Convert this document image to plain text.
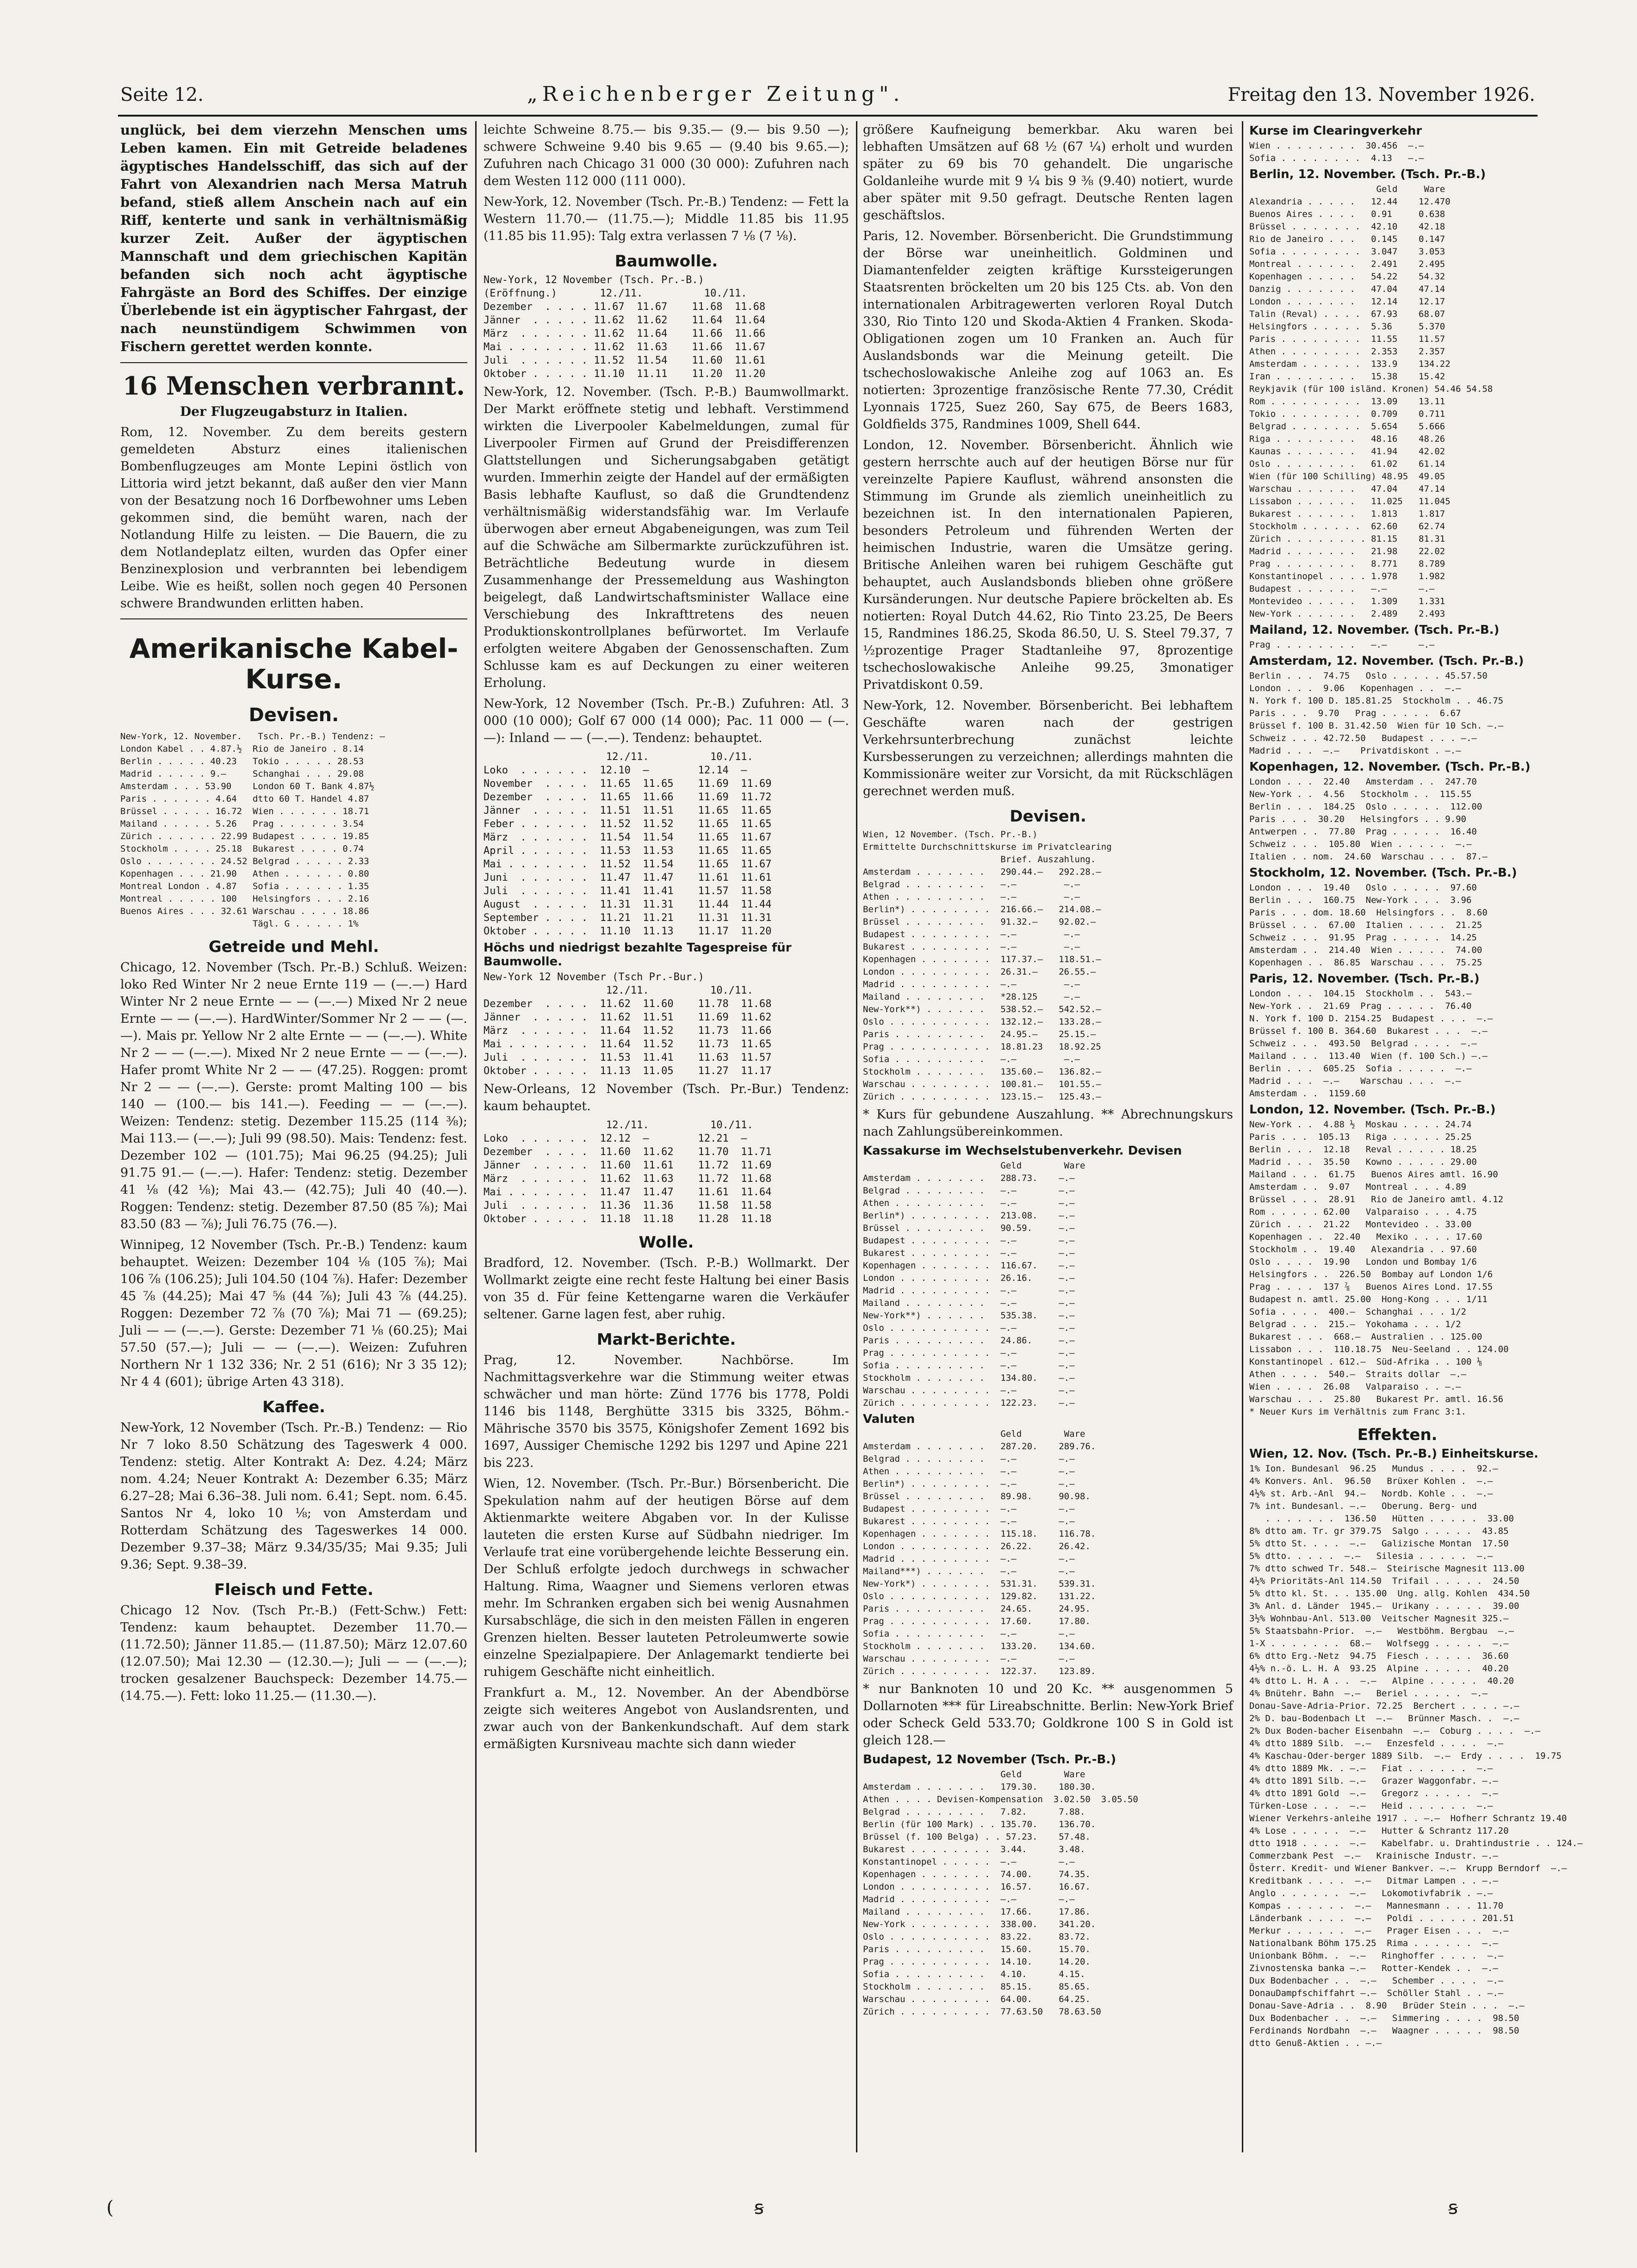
Seite 12.	„Reichenberger Zeitung".	Freitag den 13. November 1926.

unglück, bei dem vierzehn Menschen ums Leben kamen. Ein mit Getreide beladenes ägyptisches Handelsschiff, das sich auf der Fahrt von Alexandrien nach Mersa Matruh befand, stieß allem Anschein nach auf ein Riff, kenterte und sank in verhältnismäßig kurzer Zeit. Außer der ägyptischen Mannschaft und dem griechischen Kapitän befanden sich noch acht ägyptische Fahrgäste an Bord des Schiffes. Der einzige Überlebende ist ein ägyptischer Fahrgast, der nach neunstündigem Schwimmen von Fischern gerettet werden konnte.

16 Menschen verbrannt.
Der Flugzeugabsturz in Italien.

Rom, 12. November. Zu dem bereits gestern gemeldeten Absturz eines italienischen Bombenflugzeuges am Monte Lepini östlich von Littoria wird jetzt bekannt, daß außer den vier Mann von der Besatzung noch 16 Dorfbewohner ums Leben gekommen sind, die bemüht waren, nach der Notlandung Hilfe zu leisten. — Die Bauern, die zu dem Notlandeplatz eilten, wurden das Opfer einer Benzinexplosion und verbrannten bei lebendigem Leibe. Wie es heißt, sollen noch gegen 40 Personen schwere Brandwunden erlitten haben.

Amerikanische Kabel-Kurse.
Devisen.
New-York, 12. November.   Tsch. Pr.-B.) Tendenz: —
London Kabel . . 4.87.½  Rio de Janeiro . 8.14
Berlin . . . . . 40.23   Tokio . . . . . 28.53
Madrid . . . . . 9.—     Schanghai . . . 29.08
Amsterdam . . . 53.90    London 60 T. Bank 4.87½
Paris . . . . . . 4.64   dtto 60 T. Handel 4.87
Brüssel . . . . . 16.72  Wien . . . . . . 18.71
Mailand . . . . . 5.26   Prag . . . . . . 3.54
Zürich . . . . . . 22.99 Budapest . . . . 19.85
Stockholm . . . . 25.18  Bukarest . . . . 0.74
Oslo . . . . . . . 24.52 Belgrad . . . . . 2.33
Kopenhagen . . . 21.90   Athen . . . . . . 0.80
Montreal London . 4.87   Sofia . . . . . . 1.35
Montreal . . . . . 100   Helsingfors . . . 2.16
Buenos Aires . . . 32.61 Warschau . . . . 18.86
Tägl. G . . . . . 1%
Getreide und Mehl.

Chicago, 12. November (Tsch. Pr.-B.) Schluß. Weizen: loko Red Winter Nr 2 neue Ernte 119 — (—.—) Hard Winter Nr 2 neue Ernte — — (—.—) Mixed Nr 2 neue Ernte — — (—.—). HardWinter/Sommer Nr 2 — — (—.—). Mais pr. Yellow Nr 2 alte Ernte — — (—.—). White Nr 2 — — (—.—). Mixed Nr 2 neue Ernte — — (—.—). Hafer promt White Nr 2 — — (47.25). Roggen: promt Nr 2 — — (—.—). Gerste: promt Malting 100 — bis 140 — (100.— bis 141.—). Feeding — — (—.—). Weizen: Tendenz: stetig. Dezember 115.25 (114 ⅜); Mai 113.— (—.—); Juli 99 (98.50). Mais: Tendenz: fest. Dezember 102 — (101.75); Mai 96.25 (94.25); Juli 91.75 91.— (—.—). Hafer: Tendenz: stetig. Dezember 41 ⅛ (42 ⅛); Mai 43.— (42.75); Juli 40 (40.—). Roggen: Tendenz: stetig. Dezember 87.50 (85 ⅞); Mai 83.50 (83 — ⅞); Juli 76.75 (76.—).

Winnipeg, 12 November (Tsch. Pr.-B.) Tendenz: kaum behauptet. Weizen: Dezember 104 ⅛ (105 ⅞); Mai 106 ⅞ (106.25); Juli 104.50 (104 ⅞). Hafer: Dezember 45 ⅞ (44.25); Mai 47 ⅝ (44 ⅞); Juli 43 ⅞ (44.25). Roggen: Dezember 72 ⅞ (70 ⅞); Mai 71 — (69.25); Juli — — (—.—). Gerste: Dezember 71 ⅛ (60.25); Mai 57.50 (57.—); Juli — — (—.—). Weizen: Zufuhren Northern Nr 1 132 336; Nr. 2 51 (616); Nr 3 35 12); Nr 4 4 (601); übrige Arten 43 318).

Kaffee.

New-York, 12 November (Tsch. Pr.-B.) Tendenz: — Rio Nr 7 loko 8.50 Schätzung des Tageswerk 4 000. Tendenz: stetig. Alter Kontrakt A: Dez. 4.24; März nom. 4.24; Neuer Kontrakt A: Dezember 6.35; März 6.27–28; Mai 6.36–38. Juli nom. 6.41; Sept. nom. 6.45. Santos Nr 4, loko 10 ⅛; von Amsterdam und Rotterdam Schätzung des Tageswerkes 14 000. Dezember 9.37–38; März 9.34/35/35; Mai 9.35; Juli 9.36; Sept. 9.38–39.

Fleisch und Fette.

Chicago 12 Nov. (Tsch Pr.-B.) (Fett-Schw.) Fett: Tendenz: kaum behauptet. Dezember 11.70.— (11.72.50); Jänner 11.85.— (11.87.50); März 12.07.60 (12.07.50); Mai 12.30 — (12.30.—); Juli — — (—.—); trocken gesalzener Bauchspeck: Dezember 14.75.— (14.75.—). Fett: loko 11.25.— (11.30.—).

leichte Schweine 8.75.— bis 9.35.— (9.— bis 9.50 —); schwere Schweine 9.40 bis 9.65 — (9.40 bis 9.65.—); Zufuhren nach Chicago 31 000 (30 000): Zufuhren nach dem Westen 112 000 (111 000).

New-York, 12. November (Tsch. Pr.-B.) Tendenz: — Fett la Western 11.70.— (11.75.—); Middle 11.85 bis 11.95 (11.85 bis 11.95): Talg extra verlassen 7 ⅛ (7 ⅛).

Baumwolle.
New-York, 12 November (Tsch. Pr.-B.)
(Eröffnung.)       12./11.          10./11.
Dezember  . . . . 11.67  11.67    11.68  11.68
Jänner  . . . . . 11.62  11.62    11.64  11.64
März  . . . . . . 11.62  11.64    11.66  11.66
Mai . . . . . . . 11.62  11.63    11.66  11.67
Juli  . . . . . . 11.52  11.54    11.60  11.61
Oktober . . . . . 11.10  11.11    11.20  11.20

New-York, 12. November. (Tsch. P.-B.) Baumwollmarkt. Der Markt eröffnete stetig und lebhaft. Verstimmend wirkten die Liverpooler Kabelmeldungen, zumal für Liverpooler Firmen auf Grund der Preisdifferenzen Glattstellungen und Sicherungsabgaben getätigt wurden. Immerhin zeigte der Handel auf der ermäßigten Basis lebhafte Kauflust, so daß die Grundtendenz verhältnismäßig widerstandsfähig war. Im Verlaufe überwogen aber erneut Abgabeneigungen, was zum Teil auf die Schwäche am Silbermarkte zurückzuführen ist. Beträchtliche Bedeutung wurde in diesem Zusammenhange der Pressemeldung aus Washington beigelegt, daß Landwirtschaftsminister Wallace eine Verschiebung des Inkrafttretens des neuen Produktionskontrollplanes befürwortet. Im Verlaufe erfolgten weitere Abgaben der Genossenschaften. Zum Schlusse kam es auf Deckungen zu einer weiteren Erholung.

New-York, 12 November (Tsch. Pr.-B.) Zufuhren: Atl. 3 000 (10 000); Golf 67 000 (14 000); Pac. 11 000 — (—.—): Inland — — (—.—). Tendenz: behauptet.

12./11.          10./11.
Loko  . . . . . .  12.10  —        12.14  —
November  . . . .  11.65  11.65    11.69  11.69
Dezember  . . . .  11.65  11.66    11.69  11.72
Jänner  . . . . .  11.51  11.51    11.65  11.65
Feber . . . . . .  11.52  11.52    11.65  11.65
März  . . . . . .  11.54  11.54    11.65  11.67
April . . . . . .  11.53  11.53    11.65  11.65
Mai . . . . . . .  11.52  11.54    11.65  11.67
Juni  . . . . . .  11.47  11.47    11.61  11.61
Juli  . . . . . .  11.41  11.41    11.57  11.58
August  . . . . .  11.31  11.31    11.44  11.44
September . . . .  11.21  11.21    11.31  11.31
Oktober . . . . .  11.10  11.13    11.17  11.20
Höchs und niedrigst bezahlte Tagespreise für Baumwolle.
New-York 12 November (Tsch Pr.-Bur.)
12./11.          10./11.
Dezember  . . . .  11.62  11.60    11.78  11.68
Jänner  . . . . .  11.62  11.51    11.69  11.62
März  . . . . . .  11.64  11.52    11.73  11.66
Mai . . . . . . .  11.64  11.52    11.73  11.65
Juli  . . . . . .  11.53  11.41    11.63  11.57
Oktober . . . . .  11.13  11.05    11.27  11.17

New-Orleans, 12 November (Tsch. Pr.-Bur.) Tendenz: kaum behauptet.

12./11.          10./11.
Loko  . . . . . .  12.12  —        12.21  —
Dezember  . . . .  11.60  11.62    11.70  11.71
Jänner  . . . . .  11.60  11.61    11.72  11.69
März  . . . . . .  11.62  11.63    11.72  11.68
Mai . . . . . . .  11.47  11.47    11.61  11.64
Juli  . . . . . .  11.36  11.36    11.58  11.58
Oktober . . . . .  11.18  11.18    11.28  11.18
Wolle.

Bradford, 12. November. (Tsch. P.-B.) Wollmarkt. Der Wollmarkt zeigte eine recht feste Haltung bei einer Basis von 35 d. Für feine Kettengarne waren die Verkäufer seltener. Garne lagen fest, aber ruhig.

Markt-Berichte.

Prag, 12. November. Nachbörse. Im Nachmittagsverkehre war die Stimmung weiter etwas schwächer und man hörte: Zünd 1776 bis 1778, Poldi 1146 bis 1148, Berghütte 3315 bis 3325, Böhm.-Mährische 3570 bis 3575, Königshofer Zement 1692 bis 1697, Aussiger Chemische 1292 bis 1297 und Apine 221 bis 223.

Wien, 12. November. (Tsch. Pr.-Bur.) Börsenbericht. Die Spekulation nahm auf der heutigen Börse auf dem Aktienmarkte weitere Abgaben vor. In der Kulisse lauteten die ersten Kurse auf Südbahn niedriger. Im Verlaufe trat eine vorübergehende leichte Besserung ein. Der Schluß erfolgte jedoch durchwegs in schwacher Haltung. Rima, Waagner und Siemens verloren etwas mehr. Im Schranken ergaben sich bei wenig Ausnahmen Kursabschläge, die sich in den meisten Fällen in engeren Grenzen hielten. Besser lauteten Petroleumwerte sowie einzelne Spezialpapiere. Der Anlagemarkt tendierte bei ruhigem Geschäfte nicht einheitlich.

Frankfurt a. M., 12. November. An der Abendbörse zeigte sich weiteres Angebot von Auslandsrenten, und zwar auch von der Bankenkundschaft. Auf dem stark ermäßigten Kursniveau machte sich dann wieder

größere Kaufneigung bemerkbar. Aku waren bei lebhaften Umsätzen auf 68 ½ (67 ¼) erholt und wurden später zu 69 bis 70 gehandelt. Die ungarische Goldanleihe wurde mit 9 ¼ bis 9 ⅜ (9.40) notiert, wurde aber später mit 9.50 gefragt. Deutsche Renten lagen geschäftslos.

Paris, 12. November. Börsenbericht. Die Grundstimmung der Börse war uneinheitlich. Goldminen und Diamantenfelder zeigten kräftige Kurssteigerungen Staatsrenten bröckelten um 20 bis 125 Cts. ab. Von den internationalen Arbitragewerten verloren Royal Dutch 330, Rio Tinto 120 und Skoda-Aktien 4 Franken. Skoda-Obligationen zogen um 10 Franken an. Auch für Auslandsbonds war die Meinung geteilt. Die tschechoslowakische Anleihe zog auf 1063 an. Es notierten: 3prozentige französische Rente 77.30, Crédit Lyonnais 1725, Suez 260, Say 675, de Beers 1683, Goldfields 375, Randmines 1009, Shell 644.

London, 12. November. Börsenbericht. Ähnlich wie gestern herrschte auch auf der heutigen Börse nur für vereinzelte Papiere Kauflust, während ansonsten die Stimmung im Grunde als ziemlich uneinheitlich zu bezeichnen ist. In den internationalen Papieren, besonders Petroleum und führenden Werten der heimischen Industrie, waren die Umsätze gering. Britische Anleihen waren bei ruhigem Geschäfte gut behauptet, auch Auslandsbonds blieben ohne größere Kursänderungen. Nur deutsche Papiere bröckelten ab. Es notierten: Royal Dutch 44.62, Rio Tinto 23.25, De Beers 15, Randmines 186.25, Skoda 86.50, U. S. Steel 79.37, 7 ½prozentige Prager Stadtanleihe 97, 8prozentige tschechoslowakische Anleihe 99.25, 3monatiger Privatdiskont 0.59.

New-York, 12. November. Börsenbericht. Bei lebhaftem Geschäfte waren nach der gestrigen Verkehrsunterbrechung zunächst leichte Kursbesserungen zu verzeichnen; allerdings mahnten die Kommissionäre weiter zur Vorsicht, da mit Rückschlägen gerechnet werden muß.

Devisen.
Wien, 12 November. (Tsch. Pr.-B.)
Ermittelte Durchschnittskurse im Privatclearing
Brief. Auszahlung.
Amsterdam . . . . . . .   290.44.—   292.28.—
Belgrad . . . . . . . .   —.—         —.—
Athen . . . . . . . . .   —.—         —.—
Berlin*) . . . . . . . .  216.66.—   214.08.—
Brüssel . . . . . . . .   91.32.—    92.02.—
Budapest . . . . . . . .  —.—         —.—
Bukarest . . . . . . . .  —.—         —.—
Kopenhagen . . . . . . .  117.37.—   118.51.—
London . . . . . . . . .  26.31.—    26.55.—
Madrid . . . . . . . . .  —.—         —.—
Mailand . . . . . . . .   *28.125     —.—
New-York**) . . . . . .   538.52.—   542.52.—
Oslo . . . . . . . . . .  132.12.—   133.28.—
Paris . . . . . . . . .   24.95.—    25.15.—
Prag . . . . . . . . . .  18.81.23   18.92.25
Sofia . . . . . . . . .   —.—         —.—
Stockholm . . . . . . .   135.60.—   136.82.—
Warschau . . . . . . . .  100.81.—   101.55.—
Zürich . . . . . . . . .  123.15.—   125.43.—

* Kurs für gebundene Auszahlung. ** Abrechnungskurs nach Zahlungsübereinkommen.

Kassakurse im Wechselstubenverkehr. Devisen
Geld        Ware
Amsterdam . . . . . . .   288.73.    —.—
Belgrad . . . . . . . .   —.—        —.—
Athen . . . . . . . . .   —.—        —.—
Berlin*) . . . . . . . .  213.08.    —.—
Brüssel . . . . . . . .   90.59.     —.—
Budapest . . . . . . . .  —.—        —.—
Bukarest . . . . . . . .  —.—        —.—
Kopenhagen . . . . . . .  116.67.    —.—
London . . . . . . . . .  26.16.     —.—
Madrid . . . . . . . . .  —.—        —.—
Mailand . . . . . . . .   —.—        —.—
New-York**) . . . . . .   535.38.    —.—
Oslo . . . . . . . . . .  —.—        —.—
Paris . . . . . . . . .   24.86.     —.—
Prag . . . . . . . . . .  —.—        —.—
Sofia . . . . . . . . .   —.—        —.—
Stockholm . . . . . . .   134.80.    —.—
Warschau . . . . . . . .  —.—        —.—
Zürich . . . . . . . . .  122.23.    —.—
Valuten
Geld        Ware
Amsterdam . . . . . . .   287.20.    289.76.
Belgrad . . . . . . . .   —.—        —.—
Athen . . . . . . . . .   —.—        —.—
Berlin*) . . . . . . . .  —.—        —.—
Brüssel . . . . . . . .   89.98.     90.98.
Budapest . . . . . . . .  —.—        —.—
Bukarest . . . . . . . .  —.—        —.—
Kopenhagen . . . . . . .  115.18.    116.78.
London . . . . . . . . .  26.22.     26.42.
Madrid . . . . . . . . .  —.—        —.—
Mailand***) . . . . . .   —.—        —.—
New-York*) . . . . . . .  531.31.    539.31.
Oslo . . . . . . . . . .  129.82.    131.22.
Paris . . . . . . . . .   24.65.     24.95.
Prag . . . . . . . . . .  17.60.     17.80.
Sofia . . . . . . . . .   —.—        —.—
Stockholm . . . . . . .   133.20.    134.60.
Warschau . . . . . . . .  —.—        —.—
Zürich . . . . . . . . .  122.37.    123.89.

* nur Banknoten 10 und 20 Kc. ** ausgenommen 5 Dollarnoten *** für Lireabschnitte. Berlin: New-York Brief oder Scheck Geld 533.70; Goldkrone 100 S in Gold ist gleich 128.—

Budapest, 12 November (Tsch. Pr.-B.)
Geld        Ware
Amsterdam . . . . . . .   179.30.    180.30.
Athen . . . . Devisen-Kompensation  3.02.50  3.05.50
Belgrad . . . . . . . .   7.82.      7.88.
Berlin (für 100 Mark) . . 135.70.    136.70.
Brüssel (f. 100 Belga) . . 57.23.    57.48.
Bukarest . . . . . . . .  3.44.      3.48.
Konstantinopel . . . . .  —.—        —.—
Kopenhagen . . . . . . .  74.00.     74.35.
London . . . . . . . . .  16.57.     16.67.
Madrid . . . . . . . . .  —.—        —.—
Mailand . . . . . . . .   17.66.     17.86.
New-York . . . . . . . .  338.00.    341.20.
Oslo . . . . . . . . . .  83.22.     83.72.
Paris . . . . . . . . .   15.60.     15.70.
Prag . . . . . . . . . .  14.10.     14.20.
Sofia . . . . . . . . .   4.10.      4.15.
Stockholm . . . . . . .   85.15.     85.65.
Warschau . . . . . . . .  64.00.     64.25.
Zürich . . . . . . . . .  77.63.50   78.63.50
Kurse im Clearingverkehr
Wien . . . . . . . .  30.456  —.—
Sofia . . . . . . . .  4.13   —.—
Berlin, 12. November. (Tsch. Pr.-B.)
Geld     Ware
Alexandria . . . . .   12.44    12.470
Buenos Aires . . . .   0.91     0.638
Brüssel . . . . . . .  42.10    42.18
Rio de Janeiro . . .   0.145    0.147
Sofia . . . . . . . .  3.047    3.053
Montreal . . . . . .   2.491    2.495
Kopenhagen . . . . .   54.22    54.32
Danzig . . . . . . .   47.04    47.14
London . . . . . . .   12.14    12.17
Talin (Reval) . . . .  67.93    68.07
Helsingfors . . . . .  5.36     5.370
Paris . . . . . . . .  11.55    11.57
Athen . . . . . . . .  2.353    2.357
Amsterdam . . . . . .  133.9    134.22
Iran . . . . . . . .   15.38    15.42
Reykjavik (für 100 isländ. Kronen) 54.46 54.58
Rom . . . . . . . . .  13.09    13.11
Tokio . . . . . . . .  0.709    0.711
Belgrad . . . . . . .  5.654    5.666
Riga . . . . . . . .   48.16    48.26
Kaunas . . . . . . .   41.94    42.02
Oslo . . . . . . . .   61.02    61.14
Wien (für 100 Schilling) 48.95  49.05
Warschau . . . . . .   47.04    47.14
Lissabon . . . . . .   11.025   11.045
Bukarest . . . . . .   1.813    1.817
Stockholm . . . . . .  62.60    62.74
Zürich . . . . . . . . 81.15    81.31
Madrid . . . . . . .   21.98    22.02
Prag . . . . . . . .   8.771    8.789
Konstantinopel . . . . 1.978    1.982
Budapest . . . . . .   —.—      —.—
Montevideo . . . . .   1.309    1.331
New-York . . . . . .   2.489    2.493
Mailand, 12. November. (Tsch. Pr.-B.)
Prag . . . . . . . .   —.—      —.—
Amsterdam, 12. November. (Tsch. Pr.-B.)
Berlin . . .  74.75   Oslo . . . . . 45.57.50
London . . .  9.06   Kopenhagen . .  —.—
N. York f. 100 D. 185.81.25  Stockholm . . 46.75
Paris . . .  9.70   Prag . . . . .  6.67
Brüssel f. 100 B. 31.42.50  Wien für 10 Sch. —.—
Schweiz . . . 42.72.50   Budapest . . . —.—
Madrid . . .  —.—    Privatdiskont . —.—
Kopenhagen, 12. November. (Tsch. Pr.-B.)
London . . .  22.40   Amsterdam . .  247.70
New-York . .  4.56   Stockholm . .  115.55
Berlin . . .  184.25  Oslo . . . . .  112.00
Paris . . .  30.20   Helsingfors . . 9.90
Antwerpen . .  77.80  Prag . . . . .  16.40
Schweiz . . .  105.80  Wien . . . . .  —.—
Italien . . nom.  24.60  Warschau . . .  87.—
Stockholm, 12. November. (Tsch. Pr.-B.)
London . . .  19.40   Oslo . . . . .  97.60
Berlin . . .  160.75  New-York . . .  3.96
Paris . . . dom. 18.60  Helsingfors . .  8.60
Brüssel . . .  67.00  Italien . . . .  21.25
Schweiz . . .  91.95  Prag . . . . .  14.25
Amsterdam . .  214.40  Wien . . . . .  74.00
Kopenhagen . .  86.85  Warschau . . .  75.25
Paris, 12. November. (Tsch. Pr.-B.)
London . . .  104.15  Stockholm . .  543.—
New-York . .  21.69  Prag . . . . .  76.40
N. York f. 100 D. 2154.25  Budapest . . .  —.—
Brüssel f. 100 B. 364.60  Bukarest . . .  —.—
Schweiz . . .  493.50  Belgrad . . . .  —.—
Mailand . . .  113.40  Wien (f. 100 Sch.) —.—
Berlin . . .  605.25  Sofia . . . . .  —.—
Madrid . . .  —.—    Warschau . . .  —.—
Amsterdam . .  1159.60
London, 12. November. (Tsch. Pr.-B.)
New-York . .  4.88 ½  Moskau . . . . 24.74
Paris . . .  105.13   Riga . . . . . 25.25
Berlin . . .  12.18   Reval . . . . . 18.25
Madrid . . .  35.50   Kowno . . . . . 29.00
Mailand . . .  61.75   Buenos Aires amtl. 16.90
Amsterdam . .  9.07   Montreal . . . 4.89
Brüssel . . .  28.91   Rio de Janeiro amtl. 4.12
Rom . . . . . 62.00   Valparaiso . . . 4.75
Zürich . . .  21.22   Montevideo . . 33.00
Kopenhagen . .  22.40   Mexiko . . . . 17.60
Stockholm . .  19.40   Alexandria . . 97.60
Oslo . . . .  19.90   London und Bombay 1/6
Helsingfors . .  226.50  Bombay auf London 1/6
Prag . . . .  137 ⅞   Buenos Aires Lond. 17.55
Budapest n. amtl. 25.00  Hong-Kong . . . 1/11
Sofia . . . .  400.—  Schanghai . . . 1/2
Belgrad . . .  215.—  Yokohama . . . 1/2
Bukarest . . .  668.—  Australien . . 125.00
Lissabon . . .  110.18.75  Neu-Seeland . . 124.00
Konstantinopel . 612.—  Süd-Afrika . . 100 ⅛
Athen . . . .  540.—  Straits dollar  —.—
Wien . . . .  26.08   Valparaiso . . —.—
Warschau . . .  25.80   Bukarest Pr. amtl. 16.56
* Neuer Kurs im Verhältnis zum Franc 3:1.
Effekten.
Wien, 12. Nov. (Tsch. Pr.-B.) Einheitskurse.
1% Ion. Bundesanl  96.25   Mundus . . . .  92.—
4% Konvers. Anl.  96.50   Brüxer Kohlen .  —.—
4½% st. Arb.-Anl  94.—   Nordb. Kohle . .  —.—
7% int. Bundesanl. —.—   Oberung. Berg- und
. . . . . . .  136.50   Hütten . . . . .  33.00
8% dtto am. Tr. gr 379.75  Salgo . . . . .  43.85
5% dtto St. . . .  —.—   Galizische Montan  17.50
5% dtto. . . . .  —.—   Silesia . . . . .  —.—
7% dtto schwed Tr. 548.—  Steirische Magnesit 113.00
4½% Prioritäts-Anl 114.50  Trifail . . . . .  24.50
5% dtto kl. St. . . 135.00  Ung. allg. Kohlen  434.50
3% Anl. d. Länder  1945.—  Urikany . . . . .  39.00
3½% Wohnbau-Anl. 513.00  Veitscher Magnesit 325.—
5% Staatsbahn-Prior.  —.—   Westböhm. Bergbau  —.—
1-X . . . . . . .  68.—   Wolfsegg . . . . .  —.—
6% dtto Erg.-Netz  94.75  Fiesch . . . . .  36.60
4½% n.-ö. L. H. A  93.25  Alpine . . . . .  40.20
4% dtto L. H. A . .  —.—   Alpine . . . . .  40.20
4% Bnütehr. Bahn  —.—   Beriel . . . . .  —.—
Donau-Save-Adria-Prior. 72.25  Berchert . . . . —.—
2% D. bau-Bodenbach Lt  —.—   Brünner Masch. .  —.—
2% Dux Boden-bacher Eisenbahn  —.—  Coburg . . . .  —.—
4% dtto 1889 Silb.  —.—   Enzesfeld . . . .  —.—
4% Kaschau-Oder-berger 1889 Silb.  —.—  Erdy . . . .  19.75
4% dtto 1889 Mk. . —.—   Fiat . . . . . .  —.—
4% dtto 1891 Silb. —.—   Grazer Waggonfabr. —.—
4% dtto 1891 Gold  —.—   Gregorz . . . . .  —.—
Türken-Lose . . .  —.—   Heid . . . . . .  —.—
Wiener Verkehrs-anleihe 1917 . . —.—  Hofherr Schrantz 19.40
4% Lose . . . . .  —.—   Hutter & Schrantz 117.20
dtto 1918 . . . .  —.—   Kabelfabr. u. Drahtindustrie . . 124.—
Commerzbank Pest  —.—   Krainische Industr. —.—
Österr. Kredit- und Wiener Bankver. —.—  Krupp Berndorf  —.—
Kreditbank . . . .  —.—   Ditmar Lampen . . —.—
Anglo . . . . . .  —.—   Lokomotivfabrik . —.—
Kompas . . . . . .  —.—   Mannesmann . . . 11.70
Länderbank . . . .  —.—   Poldi . . . . . . 201.51
Merkur . . . . . .  —.—   Prager Eisen . . .  —.—
Nationalbank Böhm 175.25  Rima . . . . . .  —.—
Unionbank Böhm. .  —.—   Ringhoffer . . . .  —.—
Zivnostenska banka —.—   Rotter-Kendek . .  —.—
Dux Bodenbacher . .  —.—   Schember . . . .  —.—
DonauDampfschiffahrt —.—  Schöller Stahl . . —.—
Donau-Save-Adria . .  8.90   Brüder Stein . . .  —.—
Dux Bodenbacher . .  —.—   Simmering . . . .  98.50
Ferdinands Nordbahn  —.—   Waagner . . . . .  98.50
dtto Genuß-Aktien . . —.—
(	ꞩ	ꞩ
